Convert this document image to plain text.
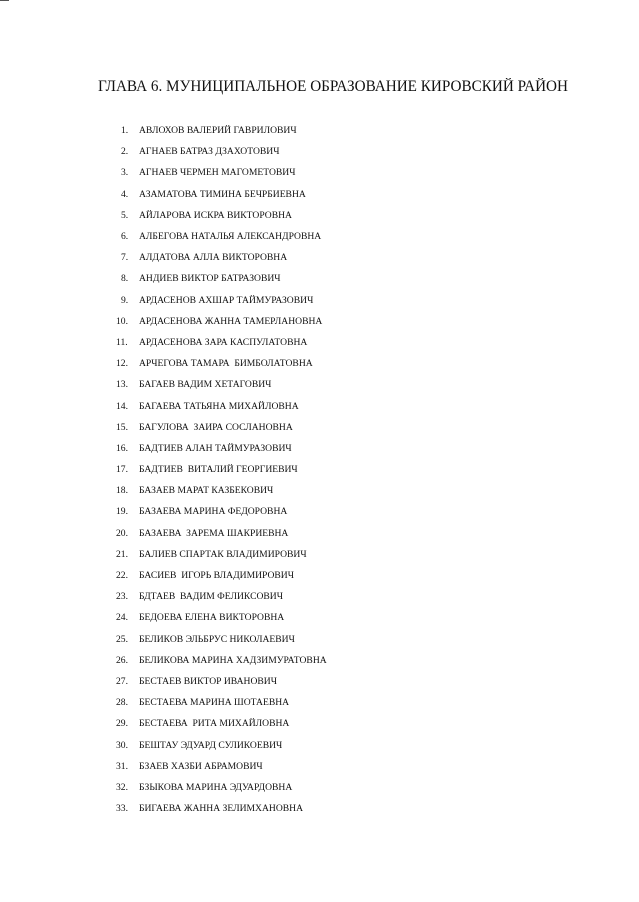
ГЛАВА 6. МУНИЦИПАЛЬНОЕ ОБРАЗОВАНИЕ КИРОВСКИЙ РАЙОН
1.	АВЛОХОВ ВАЛЕРИЙ ГАВРИЛОВИЧ
2.	АГНАЕВ БАТРАЗ ДЗАХОТОВИЧ
3.	АГНАЕВ ЧЕРМЕН МАГОМЕТОВИЧ
4.	АЗАМАТОВА ТИМИНА БЕЧРБИЕВНА
5.	АЙЛАРОВА ИСКРА ВИКТОРОВНА
6.	АЛБЕГОВА НАТАЛЬЯ АЛЕКСАНДРОВНА
7.	АЛДАТОВА АЛЛА ВИКТОРОВНА
8.	АНДИЕВ ВИКТОР БАТРАЗОВИЧ
9.	АРДАСЕНОВ АХШАР ТАЙМУРАЗОВИЧ
10.	АРДАСЕНОВА ЖАННА ТАМЕРЛАНОВНА
11.	АРДАСЕНОВА ЗАРА КАСПУЛАТОВНА
12.	АРЧЕГОВА ТАМАРА  БИМБОЛАТОВНА
13.	БАГАЕВ ВАДИМ ХЕТАГОВИЧ
14.	БАГАЕВА ТАТЬЯНА МИХАЙЛОВНА
15.	БАГУЛОВА  ЗАИРА СОСЛАНОВНА
16.	БАДТИЕВ АЛАН ТАЙМУРАЗОВИЧ
17.	БАДТИЕВ  ВИТАЛИЙ ГЕОРГИЕВИЧ
18.	БАЗАЕВ МАРАТ КАЗБЕКОВИЧ
19.	БАЗАЕВА МАРИНА ФЕДОРОВНА
20.	БАЗАЕВА  ЗАРЕМА ШАКРИЕВНА
21.	БАЛИЕВ СПАРТАК ВЛАДИМИРОВИЧ
22.	БАСИЕВ  ИГОРЬ ВЛАДИМИРОВИЧ
23.	БДТАЕВ  ВАДИМ ФЕЛИКСОВИЧ
24.	БЕДОЕВА ЕЛЕНА ВИКТОРОВНА
25.	БЕЛИКОВ ЭЛЬБРУС НИКОЛАЕВИЧ
26.	БЕЛИКОВА МАРИНА ХАДЗИМУРАТОВНА
27.	БЕСТАЕВ ВИКТОР ИВАНОВИЧ
28.	БЕСТАЕВА МАРИНА ШОТАЕВНА
29.	БЕСТАЕВА  РИТА МИХАЙЛОВНА
30.	БЕШТАУ ЭДУАРД СУЛИКОЕВИЧ
31.	БЗАЕВ ХАЗБИ АБРАМОВИЧ
32.	БЗЫКОВА МАРИНА ЭДУАРДОВНА
33.	БИГАЕВА ЖАННА ЗЕЛИМХАНОВНА
